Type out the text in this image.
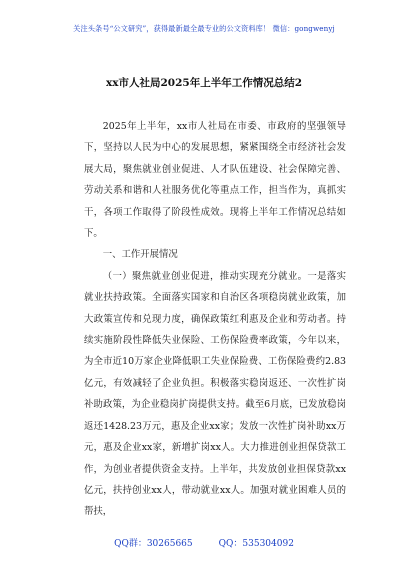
关注头条号“公文研究”，获得最新最全最专业的公文资料库！ 微信：gongwenyj
xx市人社局2025年上半年工作情况总结2

2025年上半年，xx市人社局在市委、市政府的坚强领导下，坚持以人民为中心的发展思想，紧紧围绕全市经济社会发展大局，聚焦就业创业促进、人才队伍建设、社会保障完善、劳动关系和谐和人社服务优化等重点工作，担当作为，真抓实干，各项工作取得了阶段性成效。现将上半年工作情况总结如下。

一、工作开展情况

（一）聚焦就业创业促进，推动实现充分就业。一是落实就业扶持政策。全面落实国家和自治区各项稳岗就业政策，加大政策宣传和兑现力度，确保政策红利惠及企业和劳动者。持续实施阶段性降低失业保险、工伤保险费率政策，今年以来，为全市近10万家企业降低职工失业保险费、工伤保险费约2.83亿元，有效减轻了企业负担。积极落实稳岗返还、一次性扩岗补助政策，为企业稳岗扩岗提供支持。截至6月底，已发放稳岗返还1428.23万元，惠及企业xx家；发放一次性扩岗补助xx万元，惠及企业xx家，新增扩岗xx人。大力推进创业担保贷款工作，为创业者提供资金支持。上半年，共发放创业担保贷款xx亿元，扶持创业xx人，带动就业xx人。加强对就业困难人员的帮扶，

QQ群：30265665	QQ：535304092
